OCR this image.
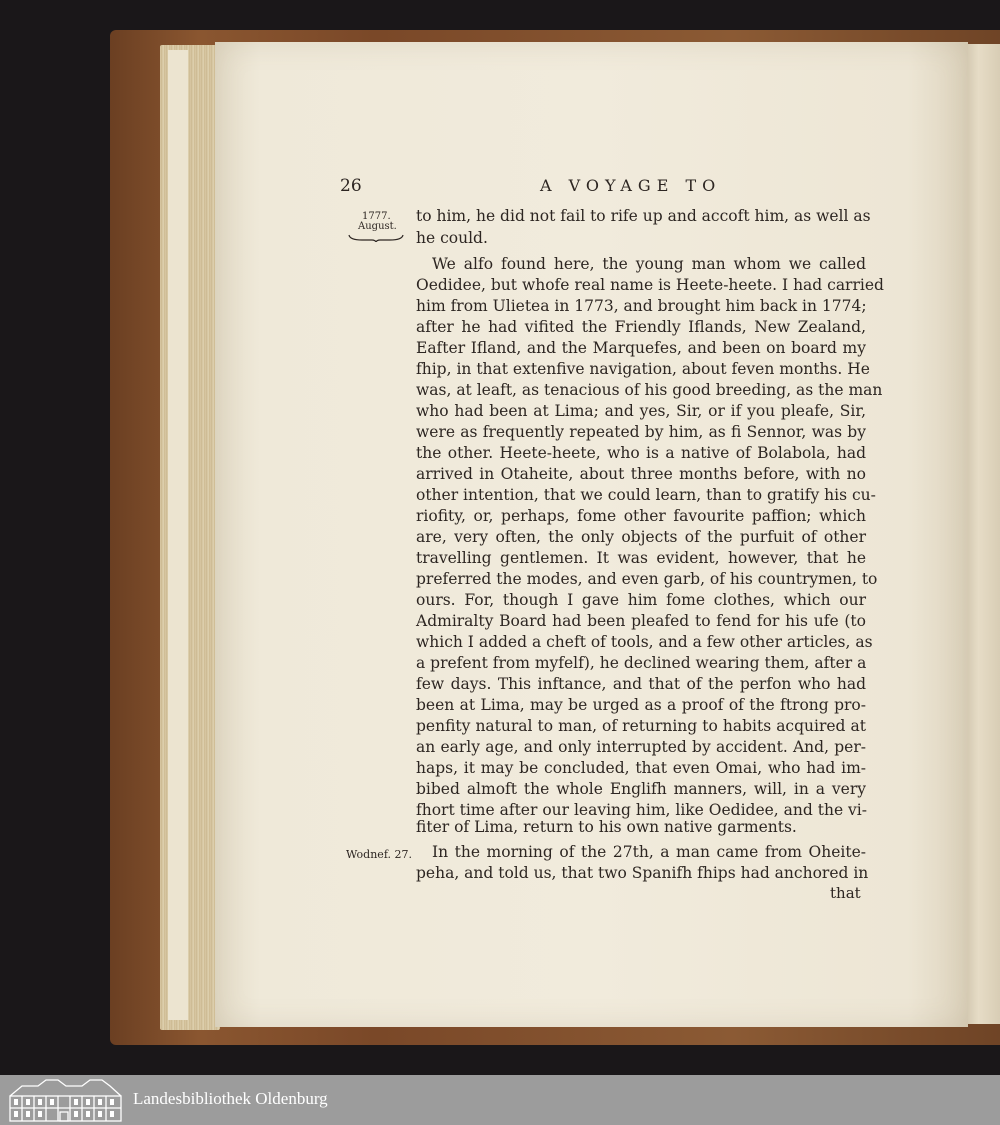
26	A VOYAGE TO
1777.
August.
to him, he did not fail to rife up and accoft him, as well as
he could.
We alfo found here, the young man whom we called
Oedidee, but whofe real name is Heete-heete. I had carried
him from Ulietea in 1773, and brought him back in 1774;
after he had vifited the Friendly Iflands, New Zealand,
Eafter Ifland, and the Marquefes, and been on board my
fhip, in that extenfive navigation, about feven months. He
was, at leaft, as tenacious of his good breeding, as the man
who had been at Lima; and yes, Sir, or if you pleafe, Sir,
were as frequently repeated by him, as fi Sennor, was by
the other. Heete-heete, who is a native of Bolabola, had
arrived in Otaheite, about three months before, with no
other intention, that we could learn, than to gratify his cu-
riofity, or, perhaps, fome other favourite paffion; which
are, very often, the only objects of the purfuit of other
travelling gentlemen. It was evident, however, that he
preferred the modes, and even garb, of his countrymen, to
ours. For, though I gave him fome clothes, which our
Admiralty Board had been pleafed to fend for his ufe (to
which I added a cheft of tools, and a few other articles, as
a prefent from myfelf), he declined wearing them, after a
few days. This inftance, and that of the perfon who had
been at Lima, may be urged as a proof of the ftrong pro-
penfity natural to man, of returning to habits acquired at
an early age, and only interrupted by accident. And, per-
haps, it may be concluded, that even Omai, who had im-
bibed almoft the whole Englifh manners, will, in a very
fhort time after our leaving him, like Oedidee, and the vi-
fiter of Lima, return to his own native garments.
In the morning of the 27th, a man came from Oheite-
peha, and told us, that two Spanifh fhips had anchored in
Wodnef. 27.
that
Landesbibliothek Oldenburg
